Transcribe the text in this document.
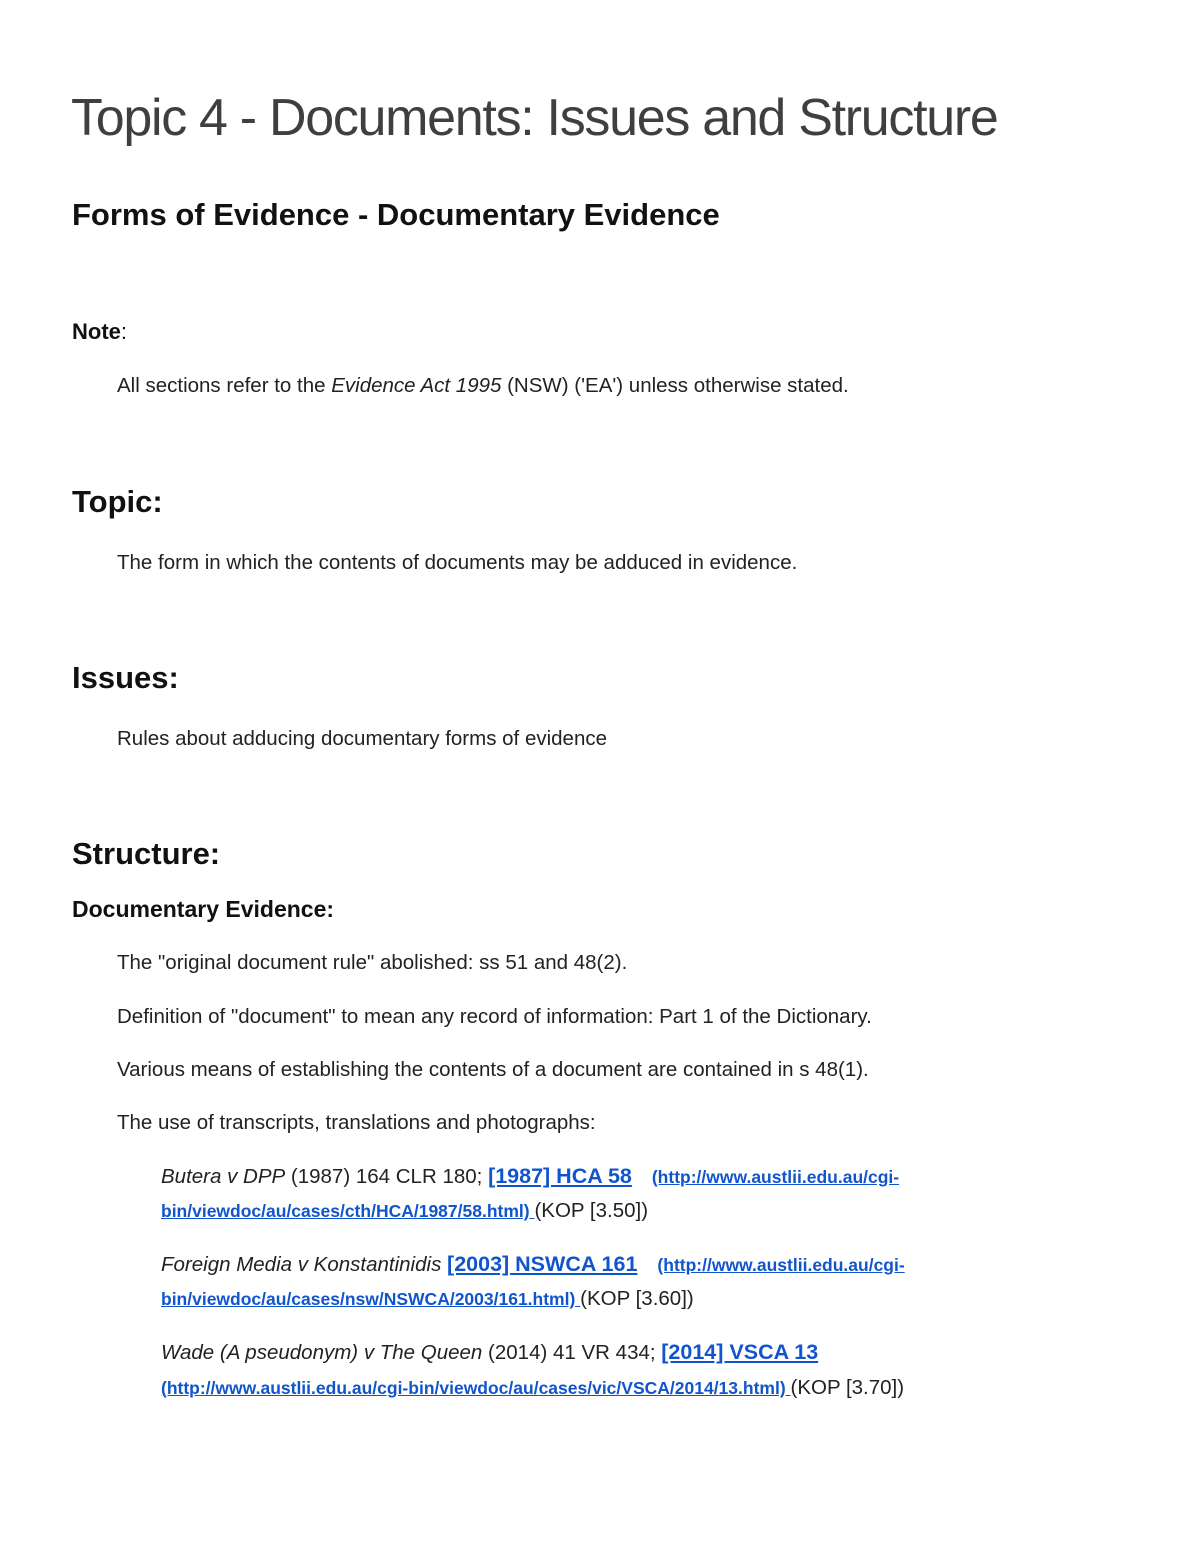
Topic 4 - Documents: Issues and Structure
Forms of Evidence - Documentary Evidence
Note:
All sections refer to the Evidence Act 1995 (NSW) ('EA') unless otherwise stated.
Topic:
The form in which the contents of documents may be adduced in evidence.
Issues:
Rules about adducing documentary forms of evidence
Structure:
Documentary Evidence:
The "original document rule" abolished: ss 51 and 48(2).
Definition of "document" to mean any record of information: Part 1 of the Dictionary.
Various means of establishing the contents of a document are contained in s 48(1).
The use of transcripts, translations and photographs:
Butera v DPP (1987) 164 CLR 180; [1987] HCA 58 (http://www.austlii.edu.au/cgi-
bin/viewdoc/au/cases/cth/HCA/1987/58.html) (KOP [3.50])
Foreign Media v Konstantinidis [2003] NSWCA 161 (http://www.austlii.edu.au/cgi-
bin/viewdoc/au/cases/nsw/NSWCA/2003/161.html) (KOP [3.60])
Wade (A pseudonym) v The Queen (2014) 41 VR 434; [2014] VSCA 13
(http://www.austlii.edu.au/cgi-bin/viewdoc/au/cases/vic/VSCA/2014/13.html) (KOP [3.70])
